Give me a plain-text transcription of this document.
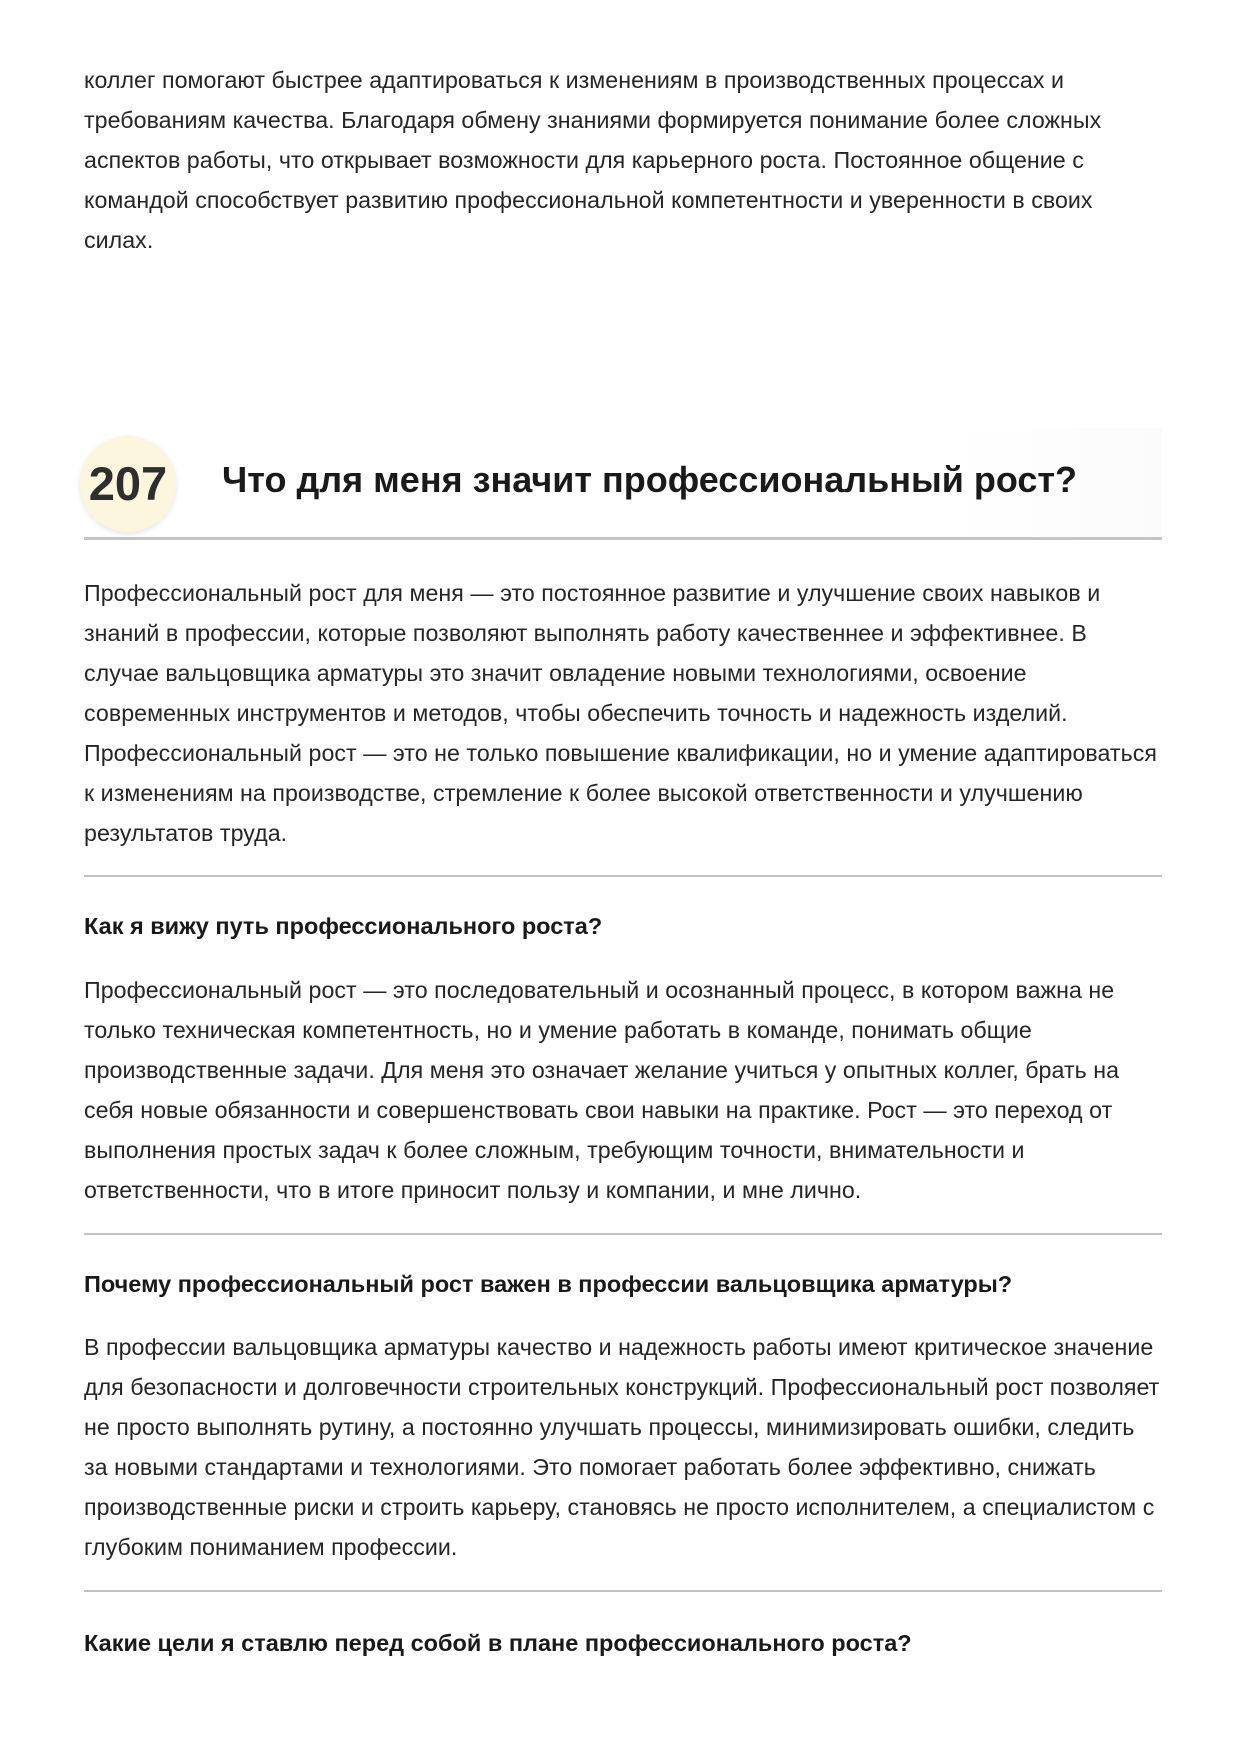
коллег помогают быстрее адаптироваться к изменениям в производственных процессах и требованиям качества. Благодаря обмену знаниями формируется понимание более сложных аспектов работы, что открывает возможности для карьерного роста. Постоянное общение с командой способствует развитию профессиональной компетентности и уверенности в своих силах.

207 Что для меня значит профессиональный рост?

Профессиональный рост для меня — это постоянное развитие и улучшение своих навыков и знаний в профессии, которые позволяют выполнять работу качественнее и эффективнее. В случае вальцовщика арматуры это значит овладение новыми технологиями, освоение современных инструментов и методов, чтобы обеспечить точность и надежность изделий. Профессиональный рост — это не только повышение квалификации, но и умение адаптироваться к изменениям на производстве, стремление к более высокой ответственности и улучшению результатов труда.

Как я вижу путь профессионального роста?

Профессиональный рост — это последовательный и осознанный процесс, в котором важна не только техническая компетентность, но и умение работать в команде, понимать общие производственные задачи. Для меня это означает желание учиться у опытных коллег, брать на себя новые обязанности и совершенствовать свои навыки на практике. Рост — это переход от выполнения простых задач к более сложным, требующим точности, внимательности и ответственности, что в итоге приносит пользу и компании, и мне лично.

Почему профессиональный рост важен в профессии вальцовщика арматуры?

В профессии вальцовщика арматуры качество и надежность работы имеют критическое значение для безопасности и долговечности строительных конструкций. Профессиональный рост позволяет не просто выполнять рутину, а постоянно улучшать процессы, минимизировать ошибки, следить за новыми стандартами и технологиями. Это помогает работать более эффективно, снижать производственные риски и строить карьеру, становясь не просто исполнителем, а специалистом с глубоким пониманием профессии.

Какие цели я ставлю перед собой в плане профессионального роста?
